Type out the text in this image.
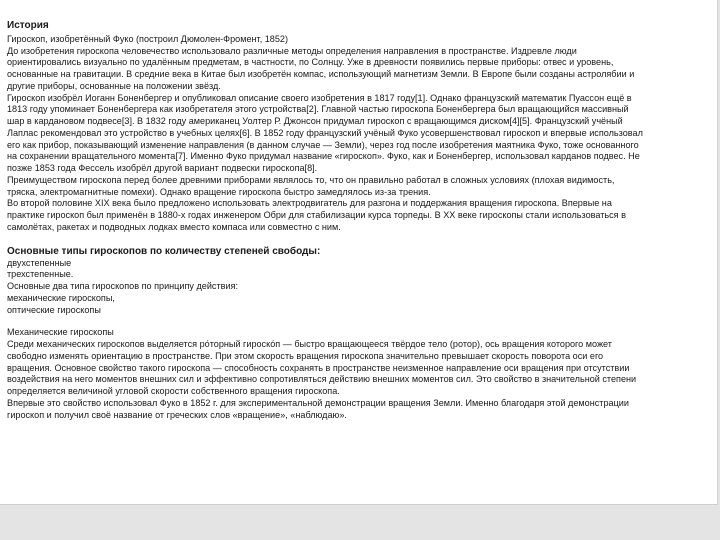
История
Гироскоп, изобретённый Фуко (построил Дюмолен-Фромент, 1852)
До изобретения гироскопа человечество использовало различные методы определения направления в пространстве. Издревле люди
ориентировались визуально по удалённым предметам, в частности, по Солнцу. Уже в древности появились первые приборы: отвес и уровень,
основанные на гравитации. В средние века в Китае был изобретён компас, использующий магнетизм Земли. В Европе были созданы астролябии и
другие приборы, основанные на положении звёзд.
Гироскоп изобрёл Иоганн Боненбергер и опубликовал описание своего изобретения в 1817 году[1]. Однако французский математик Пуассон ещё в
1813 году упоминает Боненбергера как изобретателя этого устройства[2]. Главной частью гироскопа Боненбергера был вращающийся массивный
шар в кардановом подвесе[3]. В 1832 году американец Уолтер Р. Джонсон придумал гироскоп с вращающимся диском[4][5]. Французский учёный
Лаплас рекомендовал это устройство в учебных целях[6]. В 1852 году французский учёный Фуко усовершенствовал гироскоп и впервые использовал
его как прибор, показывающий изменение направления (в данном случае — Земли), через год после изобретения маятника Фуко, тоже основанного
на сохранении вращательного момента[7]. Именно Фуко придумал название «гироскоп». Фуко, как и Боненбергер, использовал карданов подвес. Не
позже 1853 года Фессель изобрёл другой вариант подвески гироскопа[8].
Преимуществом гироскопа перед более древними приборами являлось то, что он правильно работал в сложных условиях (плохая видимость,
тряска, электромагнитные помехи). Однако вращение гироскопа быстро замедлялось из-за трения.
Во второй половине XIX века было предложено использовать электродвигатель для разгона и поддержания вращения гироскопа. Впервые на
практике гироскоп был применён в 1880-х годах инженером Обри для стабилизации курса торпеды. В XX веке гироскопы стали использоваться в
самолётах, ракетах и подводных лодках вместо компаса или совместно с ним.
Основные типы гироскопов по количеству степеней свободы:
двухстепенные
трехстепенные.
Основные два типа гироскопов по принципу действия:
механические гироскопы,
оптические гироскопы
Механические гироскопы
Среди механических гироскопов выделяется ро́торный гироско́п — быстро вращающееся твёрдое тело (ротор), ось вращения которого может
свободно изменять ориентацию в пространстве. При этом скорость вращения гироскопа значительно превышает скорость поворота оси его
вращения. Основное свойство такого гироскопа — способность сохранять в пространстве неизменное направление оси вращения при отсутствии
воздействия на него моментов внешних сил и эффективно сопротивляться действию внешних моментов сил. Это свойство в значительной степени
определяется величиной угловой скорости собственного вращения гироскопа.
Впервые это свойство использовал Фуко в 1852 г. для экспериментальной демонстрации вращения Земли. Именно благодаря этой демонстрации
гироскоп и получил своё название от греческих слов «вращение», «наблюдаю».
